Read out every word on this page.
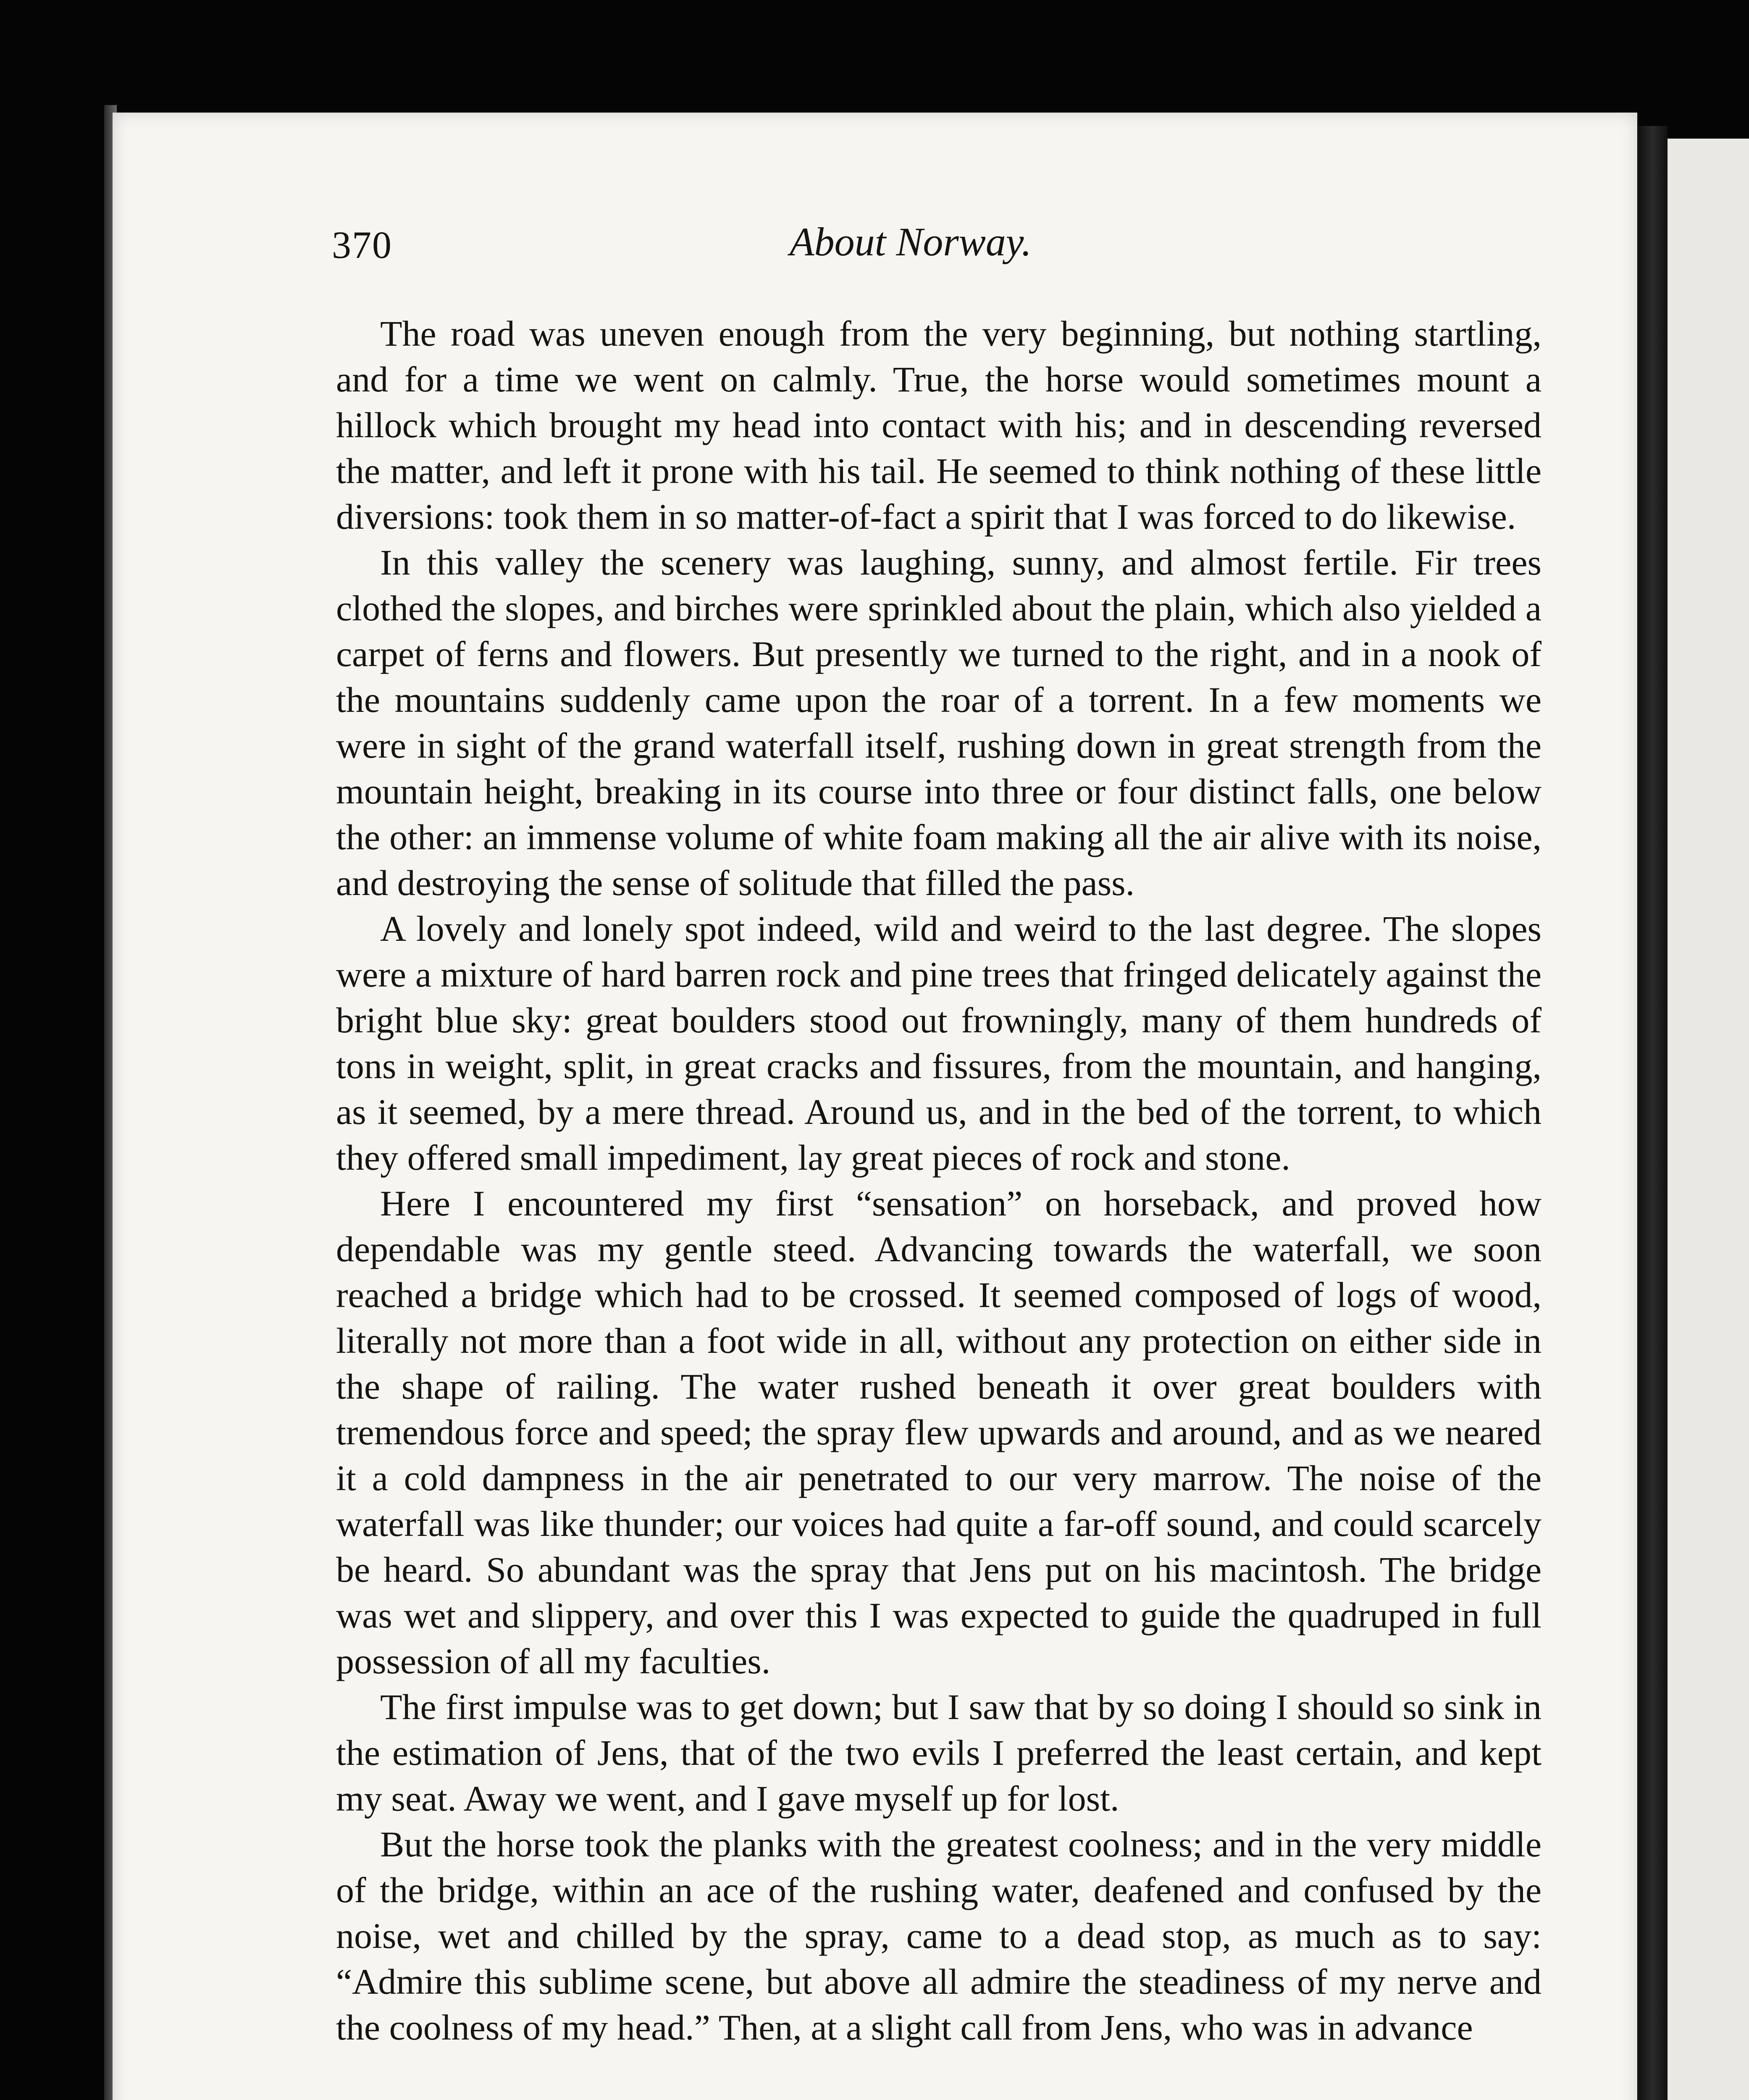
370	About Norway.

The road was uneven enough from the very beginning, but nothing startling, and for a time we went on calmly. True, the horse would sometimes mount a hillock which brought my head into contact with his; and in descending reversed the matter, and left it prone with his tail. He seemed to think nothing of these little diversions: took them in so matter-of-fact a spirit that I was forced to do likewise.

In this valley the scenery was laughing, sunny, and almost fertile. Fir trees clothed the slopes, and birches were sprinkled about the plain, which also yielded a carpet of ferns and flowers. But presently we turned to the right, and in a nook of the mountains suddenly came upon the roar of a torrent. In a few moments we were in sight of the grand waterfall itself, rushing down in great strength from the mountain height, breaking in its course into three or four distinct falls, one below the other: an immense volume of white foam making all the air alive with its noise, and destroying the sense of solitude that filled the pass.

A lovely and lonely spot indeed, wild and weird to the last degree. The slopes were a mixture of hard barren rock and pine trees that fringed delicately against the bright blue sky: great boulders stood out frowningly, many of them hundreds of tons in weight, split, in great cracks and fissures, from the mountain, and hanging, as it seemed, by a mere thread. Around us, and in the bed of the torrent, to which they offered small impediment, lay great pieces of rock and stone.

Here I encountered my first “sensation” on horseback, and proved how dependable was my gentle steed. Advancing towards the waterfall, we soon reached a bridge which had to be crossed. It seemed composed of logs of wood, literally not more than a foot wide in all, without any protection on either side in the shape of railing. The water rushed beneath it over great boulders with tremendous force and speed; the spray flew upwards and around, and as we neared it a cold dampness in the air penetrated to our very marrow. The noise of the waterfall was like thunder; our voices had quite a far-off sound, and could scarcely be heard. So abundant was the spray that Jens put on his macintosh. The bridge was wet and slippery, and over this I was expected to guide the quadruped in full possession of all my faculties.

The first impulse was to get down; but I saw that by so doing I should so sink in the estimation of Jens, that of the two evils I preferred the least certain, and kept my seat. Away we went, and I gave myself up for lost.

But the horse took the planks with the greatest coolness; and in the very middle of the bridge, within an ace of the rushing water, deafened and confused by the noise, wet and chilled by the spray, came to a dead stop, as much as to say: “Admire this sublime scene, but above all admire the steadiness of my nerve and the coolness of my head.” Then, at a slight call from Jens, who was in advance
